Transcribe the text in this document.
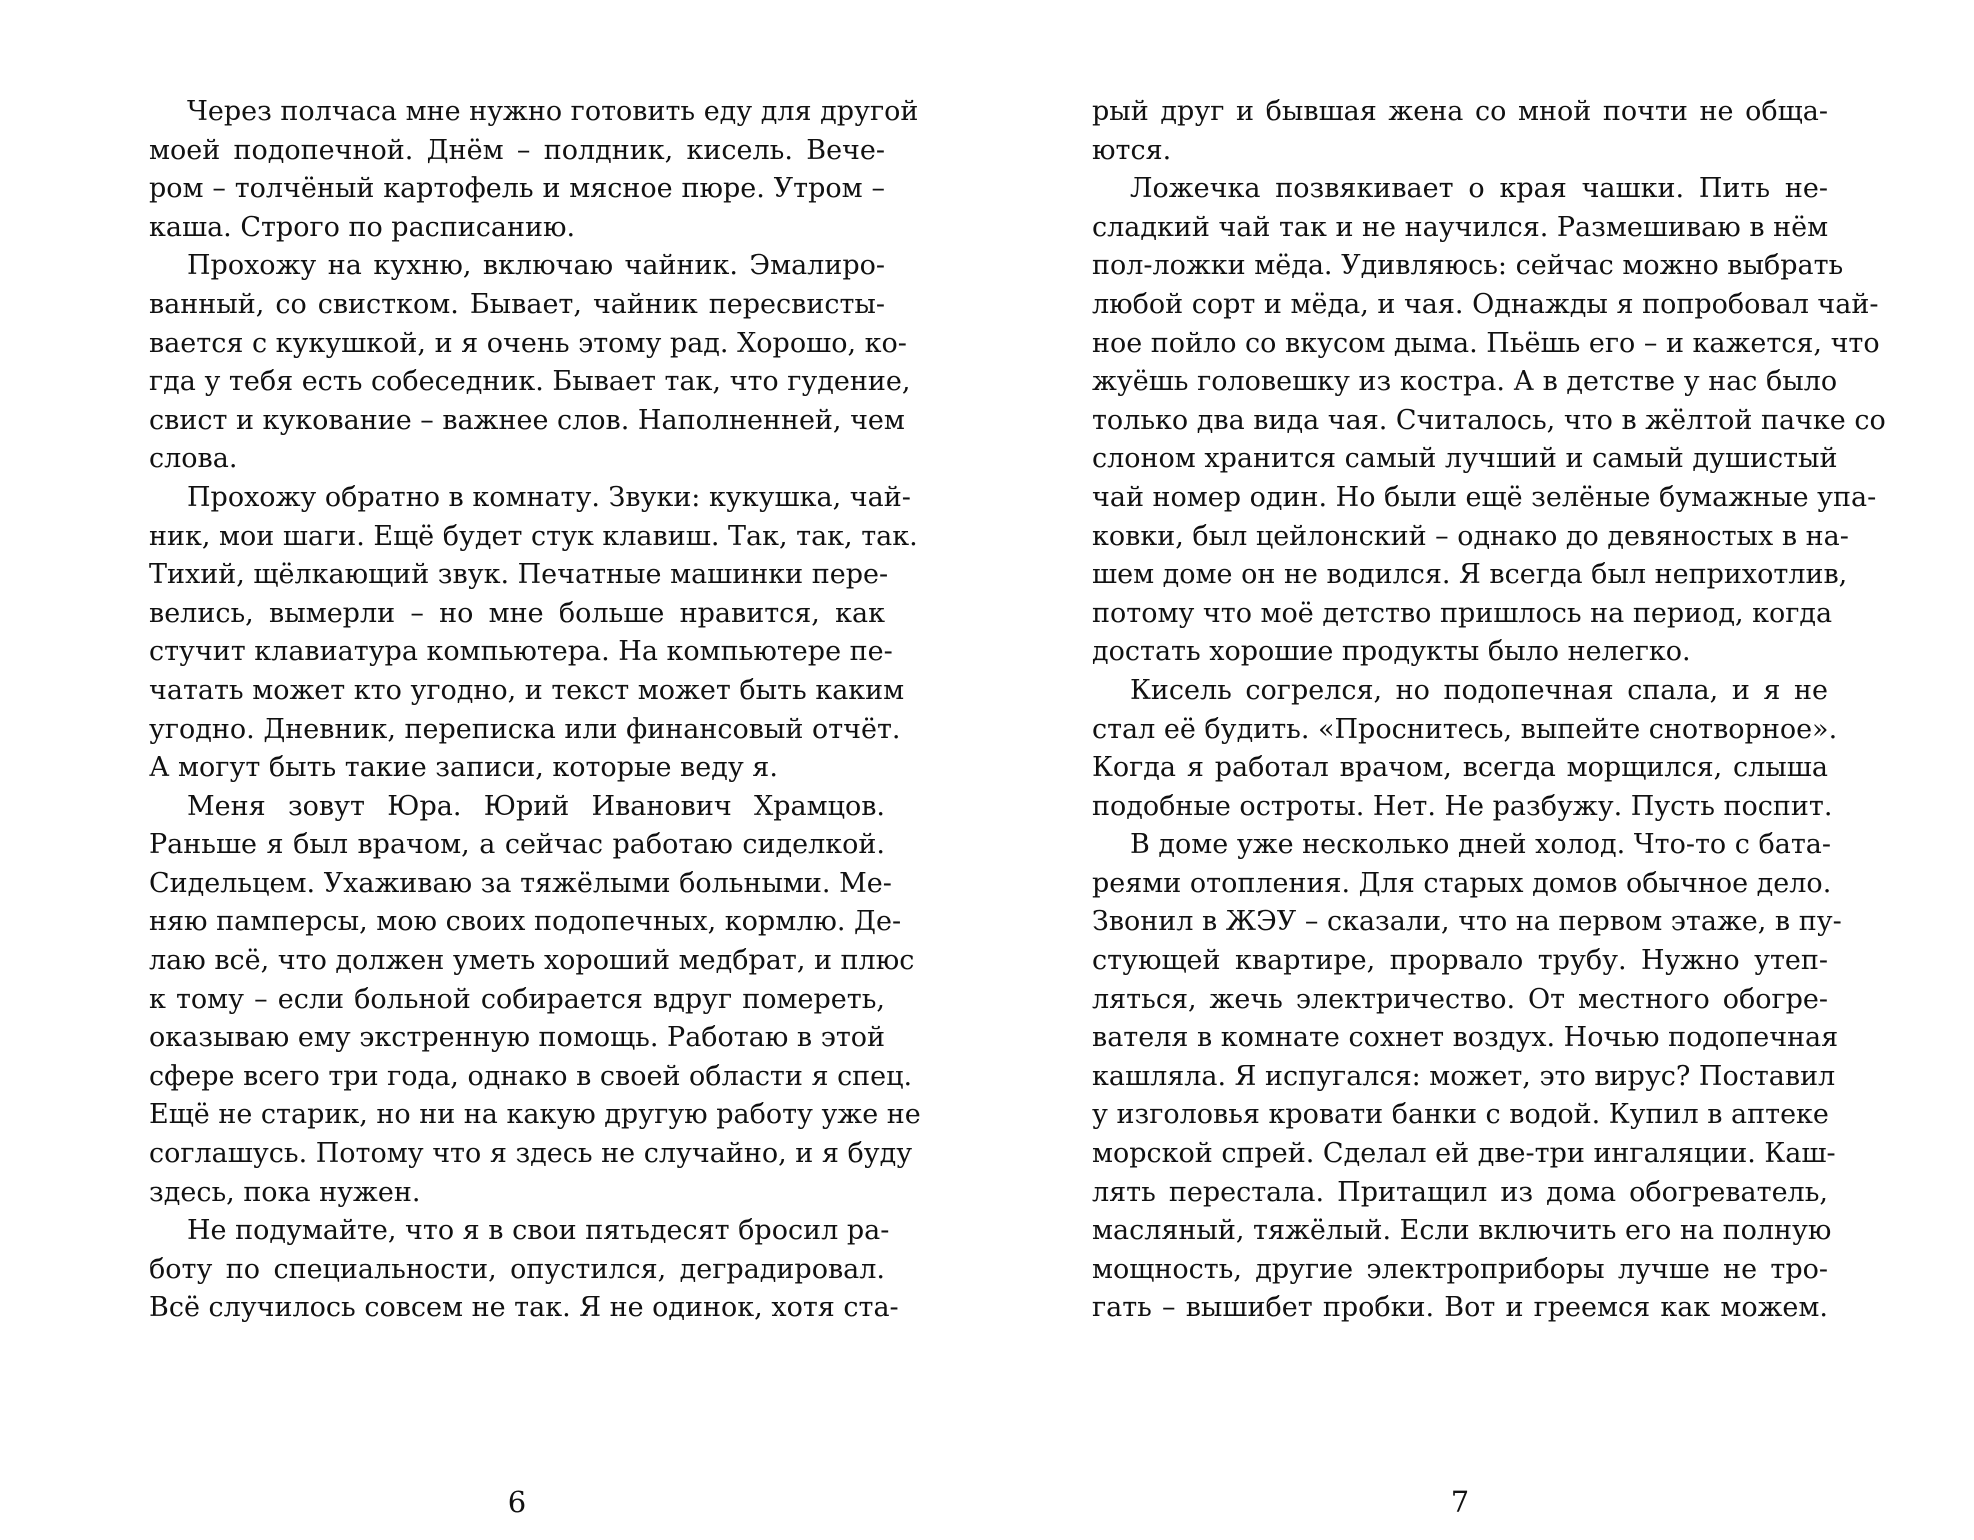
Через полчаса мне нужно готовить еду для другой
моей подопечной. Днём – полдник, кисель. Вече-
ром – толчёный картофель и мясное пюре. Утром –
каша. Строго по расписанию.
Прохожу на кухню, включаю чайник. Эмалиро-
ванный, со свистком. Бывает, чайник пересвисты-
вается с кукушкой, и я очень этому рад. Хорошо, ко-
гда у тебя есть собеседник. Бывает так, что гудение,
свист и кукование – важнее слов. Наполненней, чем
слова.
Прохожу обратно в комнату. Звуки: кукушка, чай-
ник, мои шаги. Ещё будет стук клавиш. Так, так, так.
Тихий, щёлкающий звук. Печатные машинки пере-
велись, вымерли – но мне больше нравится, как
стучит клавиатура компьютера. На компьютере пе-
чатать может кто угодно, и текст может быть каким
угодно. Дневник, переписка или финансовый отчёт.
А могут быть такие записи, которые веду я.
Меня зовут Юра. Юрий Иванович Храмцов.
Раньше я был врачом, а сейчас работаю сиделкой.
Сидельцем. Ухаживаю за тяжёлыми больными. Ме-
няю памперсы, мою своих подопечных, кормлю. Де-
лаю всё, что должен уметь хороший медбрат, и плюс
к тому – если больной собирается вдруг помереть,
оказываю ему экстренную помощь. Работаю в этой
сфере всего три года, однако в своей области я спец.
Ещё не старик, но ни на какую другую работу уже не
соглашусь. Потому что я здесь не случайно, и я буду
здесь, пока нужен.
Не подумайте, что я в свои пятьдесят бросил ра-
боту по специальности, опустился, деградировал.
Всё случилось совсем не так. Я не одинок, хотя ста-
6
рый друг и бывшая жена со мной почти не обща-
ются.
Ложечка позвякивает о края чашки. Пить не-
сладкий чай так и не научился. Размешиваю в нём
пол-ложки мёда. Удивляюсь: сейчас можно выбрать
любой сорт и мёда, и чая. Однажды я попробовал чай-
ное пойло со вкусом дыма. Пьёшь его – и кажется, что
жуёшь головешку из костра. А в детстве у нас было
только два вида чая. Считалось, что в жёлтой пачке со
слоном хранится самый лучший и самый душистый
чай номер один. Но были ещё зелёные бумажные упа-
ковки, был цейлонский – однако до девяностых в на-
шем доме он не водился. Я всегда был неприхотлив,
потому что моё детство пришлось на период, когда
достать хорошие продукты было нелегко.
Кисель согрелся, но подопечная спала, и я не
стал её будить. «Проснитесь, выпейте снотворное».
Когда я работал врачом, всегда морщился, слыша
подобные остроты. Нет. Не разбужу. Пусть поспит.
В доме уже несколько дней холод. Что-то с бата-
реями отопления. Для старых домов обычное дело.
Звонил в ЖЭУ – сказали, что на первом этаже, в пу-
стующей квартире, прорвало трубу. Нужно утеп-
ляться, жечь электричество. От местного обогре-
вателя в комнате сохнет воздух. Ночью подопечная
кашляла. Я испугался: может, это вирус? Поставил
у изголовья кровати банки с водой. Купил в аптеке
морской спрей. Сделал ей две-три ингаляции. Каш-
лять перестала. Притащил из дома обогреватель,
масляный, тяжёлый. Если включить его на полную
мощность, другие электроприборы лучше не тро-
гать – вышибет пробки. Вот и греемся как можем.
7
